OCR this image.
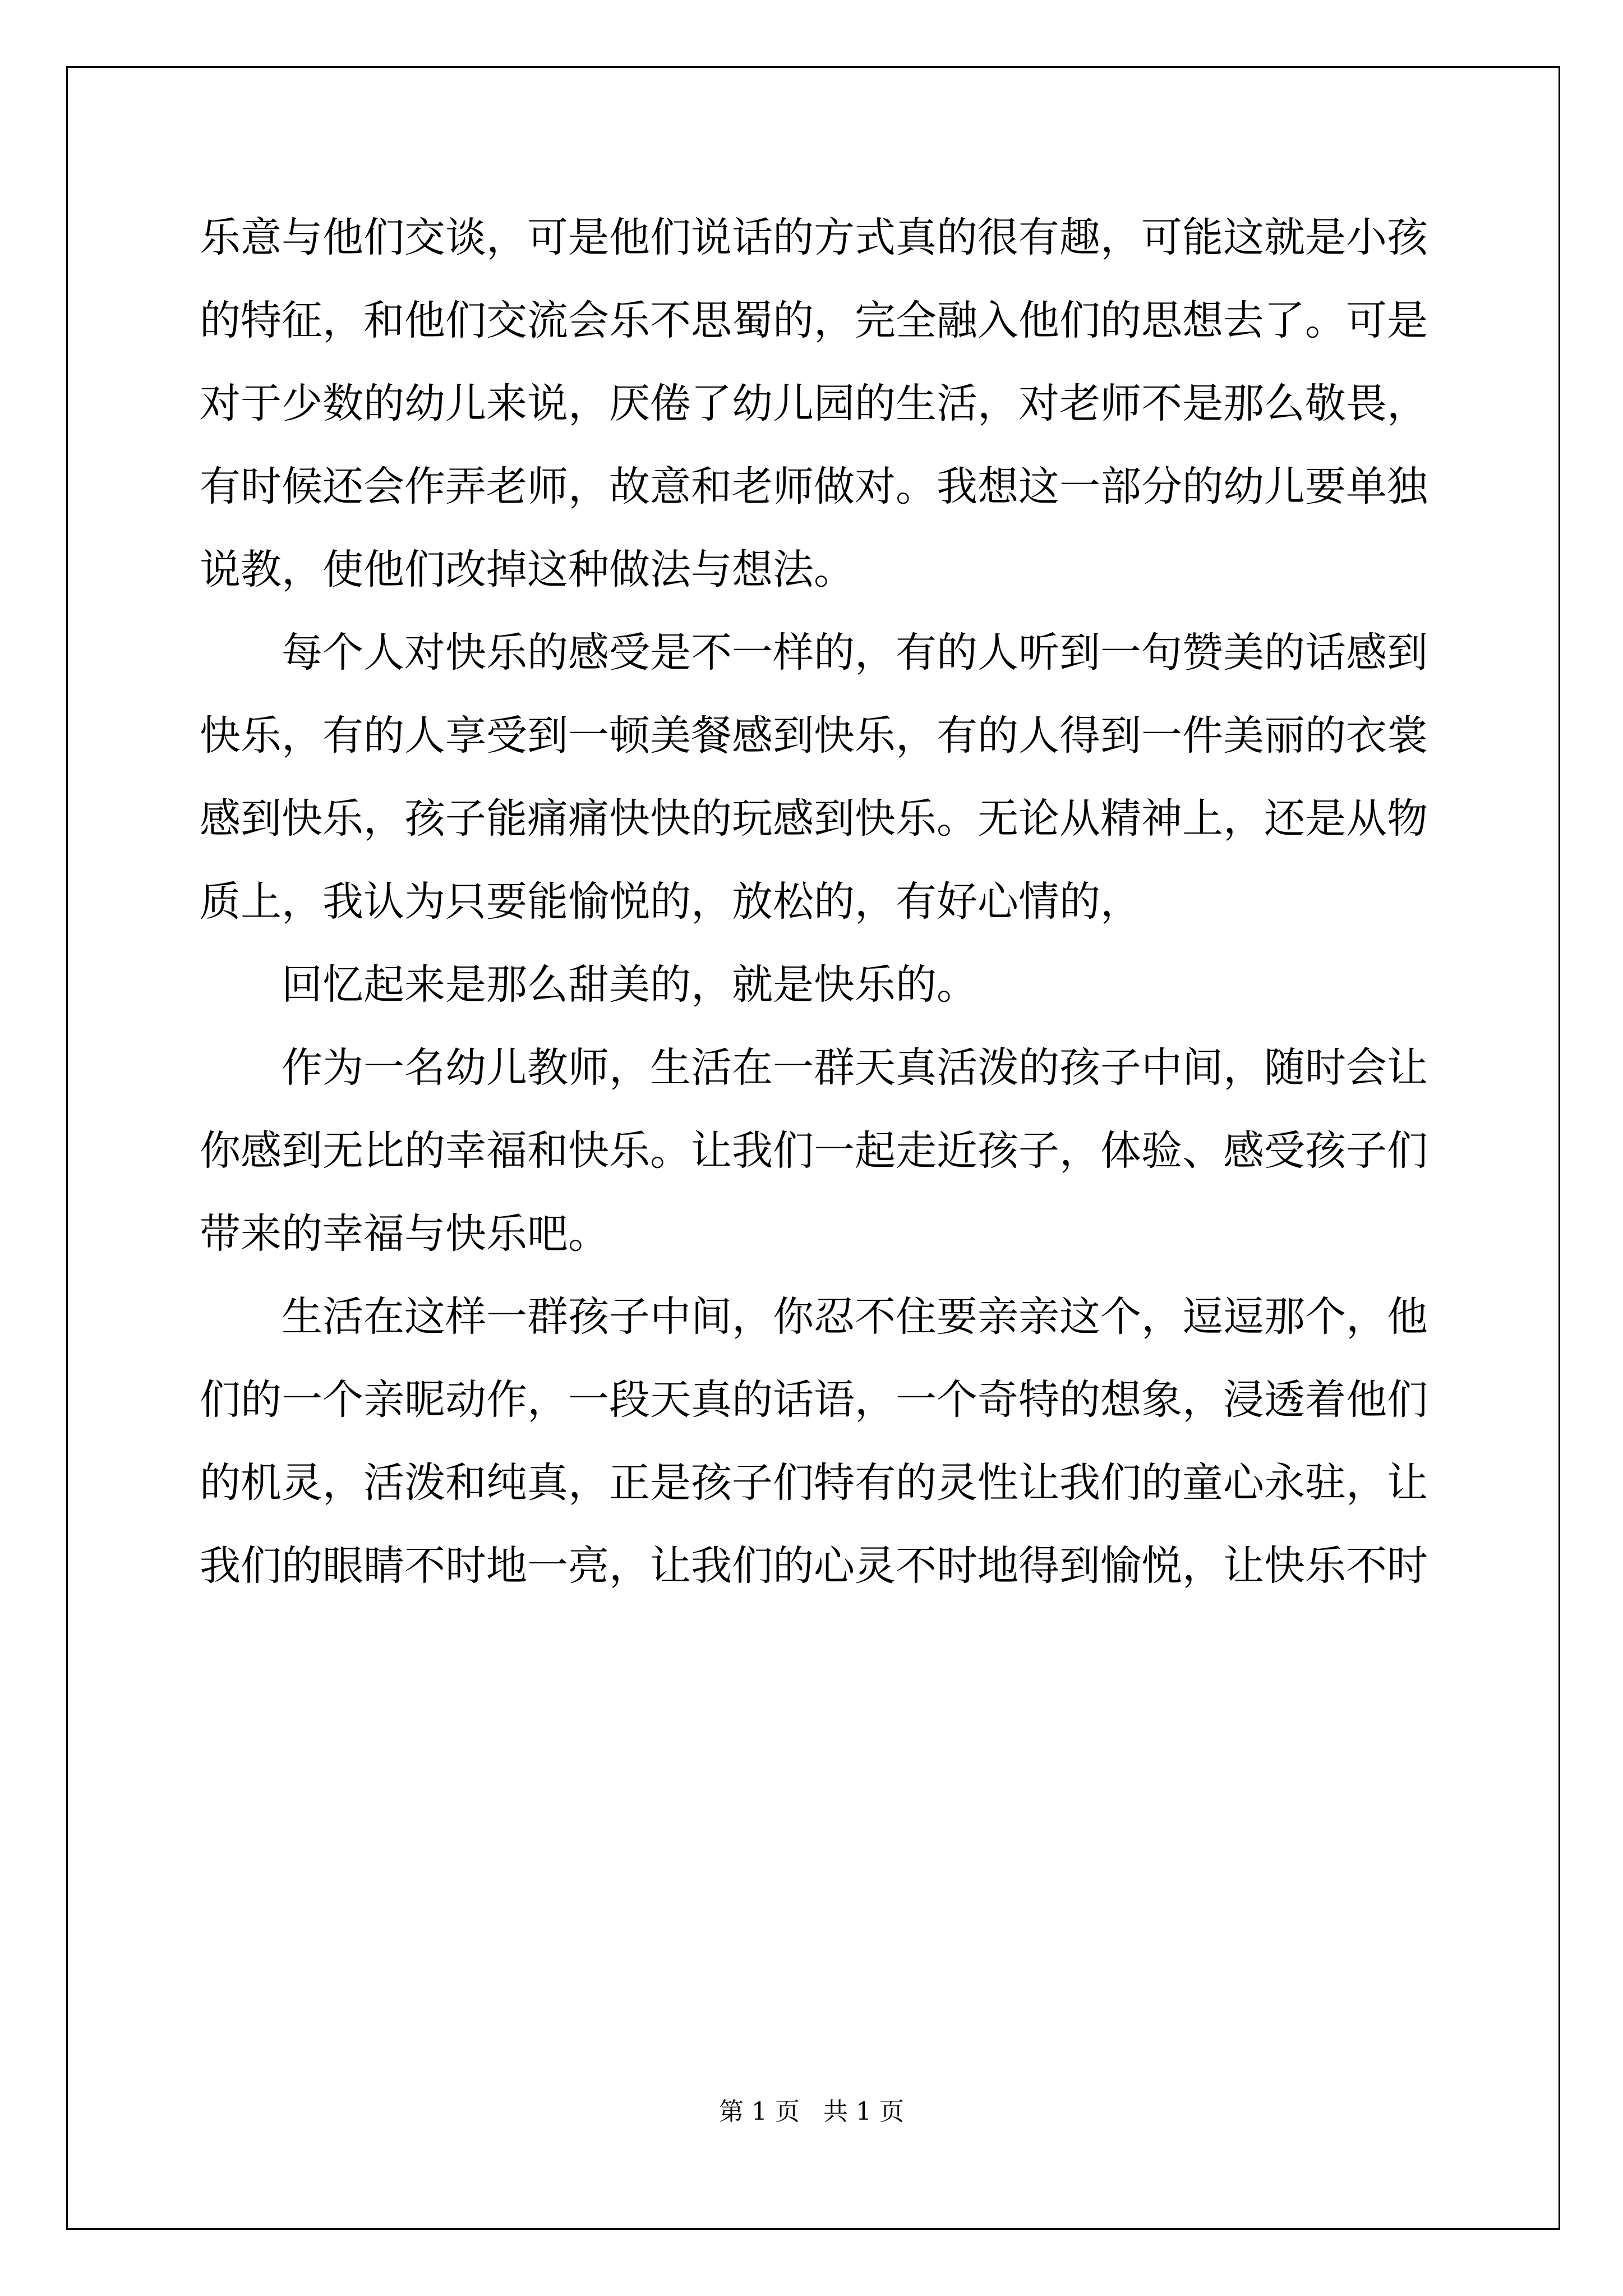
乐意与他们交谈，可是他们说话的方式真的很有趣，可能这就是小孩的特征，和他们交流会乐不思蜀的，完全融入他们的思想去了。可是对于少数的幼儿来说，厌倦了幼儿园的生活，对老师不是那么敬畏，有时候还会作弄老师，故意和老师做对。我想这一部分的幼儿要单独说教，使他们改掉这种做法与想法。

每个人对快乐的感受是不一样的，有的人听到一句赞美的话感到快乐，有的人享受到一顿美餐感到快乐，有的人得到一件美丽的衣裳感到快乐，孩子能痛痛快快的玩感到快乐。无论从精神上，还是从物质上，我认为只要能愉悦的，放松的，有好心情的，

回忆起来是那么甜美的，就是快乐的。

作为一名幼儿教师，生活在一群天真活泼的孩子中间，随时会让你感到无比的幸福和快乐。让我们一起走近孩子，体验、感受孩子们带来的幸福与快乐吧。

生活在这样一群孩子中间，你忍不住要亲亲这个，逗逗那个，他们的一个亲昵动作，一段天真的话语，一个奇特的想象，浸透着他们的机灵，活泼和纯真，正是孩子们特有的灵性让我们的童心永驻，让我们的眼睛不时地一亮，让我们的心灵不时地得到愉悦，让快乐不时

第 1 页   共 1 页
